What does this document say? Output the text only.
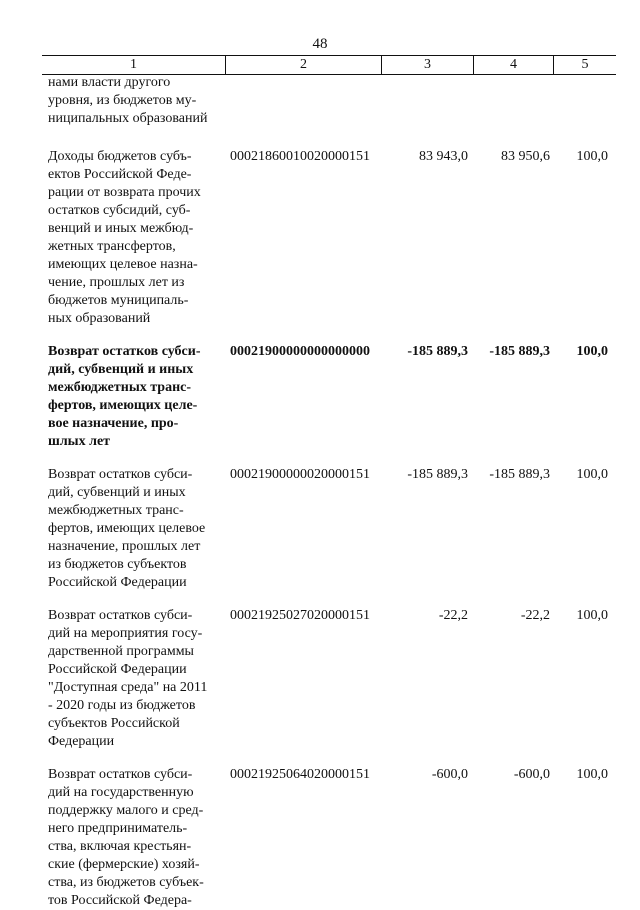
48
1	2	3	4	5
нами власти другого
уровня, из бюджетов му-
ниципальных образований
Доходы бюджетов субъ-
ектов Российской Феде-
рации от возврата прочих
остатков субсидий, суб-
венций и иных межбюд-
жетных трансфертов,
имеющих целевое назна-
чение, прошлых лет из
бюджетов муниципаль-
ных образований
00021860010020000151	83 943,0	83 950,6	100,0
Возврат остатков субси-
дий, субвенций и иных
межбюджетных транс-
фертов, имеющих целе-
вое назначение, про-
шлых лет
00021900000000000000	-185 889,3	-185 889,3	100,0
Возврат остатков субси-
дий, субвенций и иных
межбюджетных транс-
фертов, имеющих целевое
назначение, прошлых лет
из бюджетов субъектов
Российской Федерации
00021900000020000151	-185 889,3	-185 889,3	100,0
Возврат остатков субси-
дий на мероприятия госу-
дарственной программы
Российской Федерации
"Доступная среда" на 2011
- 2020 годы из бюджетов
субъектов Российской
Федерации
00021925027020000151	-22,2	-22,2	100,0
Возврат остатков субси-
дий на государственную
поддержку малого и сред-
него предприниматель-
ства, включая крестьян-
ские (фермерские) хозяй-
ства, из бюджетов субъек-
тов Российской Федера-
00021925064020000151	-600,0	-600,0	100,0
